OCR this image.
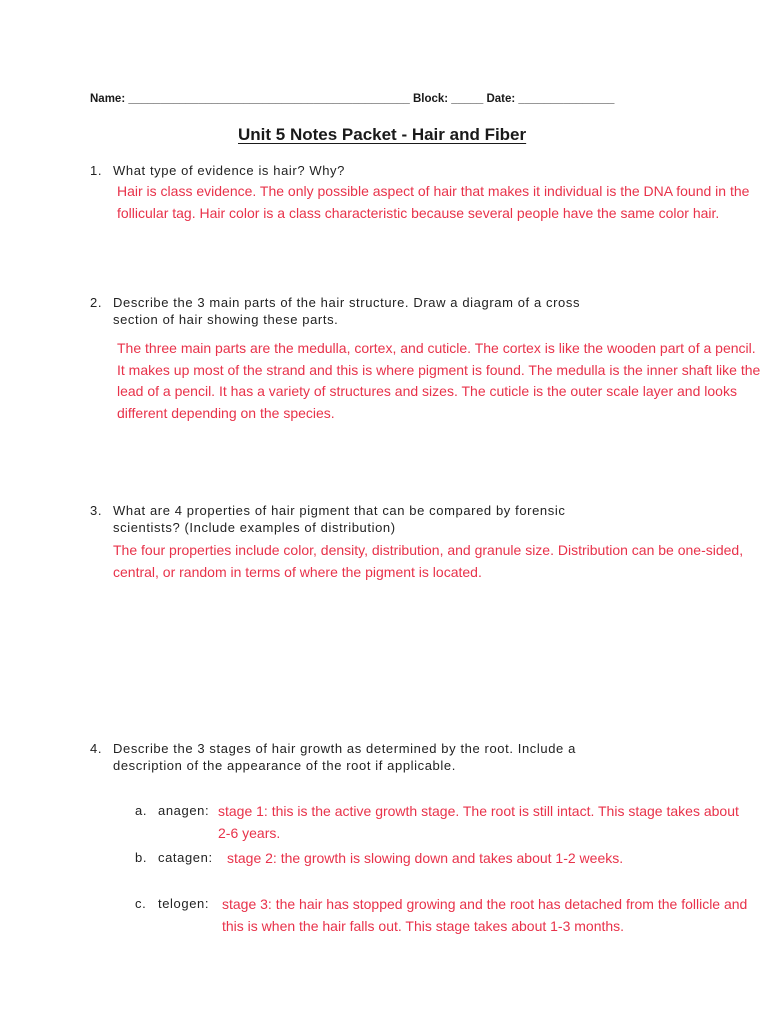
Name: ____________________________________________ Block: _____ Date: _______________
Unit 5 Notes Packet - Hair and Fiber
1. What type of evidence is hair? Why?
Hair is class evidence. The only possible aspect of hair that makes it individual is the DNA found in the follicular tag. Hair color is a class characteristic because several people have the same color hair.
2. Describe the 3 main parts of the hair structure. Draw a diagram of a cross
section of hair showing these parts.
The three main parts are the medulla, cortex, and cuticle. The cortex is like the wooden part of a pencil. It makes up most of the strand and this is where pigment is found. The medulla is the inner shaft like the lead of a pencil. It has a variety of structures and sizes. The cuticle is the outer scale layer and looks different depending on the species.
3. What are 4 properties of hair pigment that can be compared by forensic
scientists? (Include examples of distribution)
The four properties include color, density, distribution, and granule size. Distribution can be one-sided, central, or random in terms of where the pigment is located.
4. Describe the 3 stages of hair growth as determined by the root. Include a
description of the appearance of the root if applicable.
a. anagen: stage 1: this is the active growth stage. The root is still intact. This stage takes about 2-6 years.
b. catagen: stage 2: the growth is slowing down and takes about 1-2 weeks.
c. telogen: stage 3: the hair has stopped growing and the root has detached from the follicle and this is when the hair falls out. This stage takes about 1-3 months.
